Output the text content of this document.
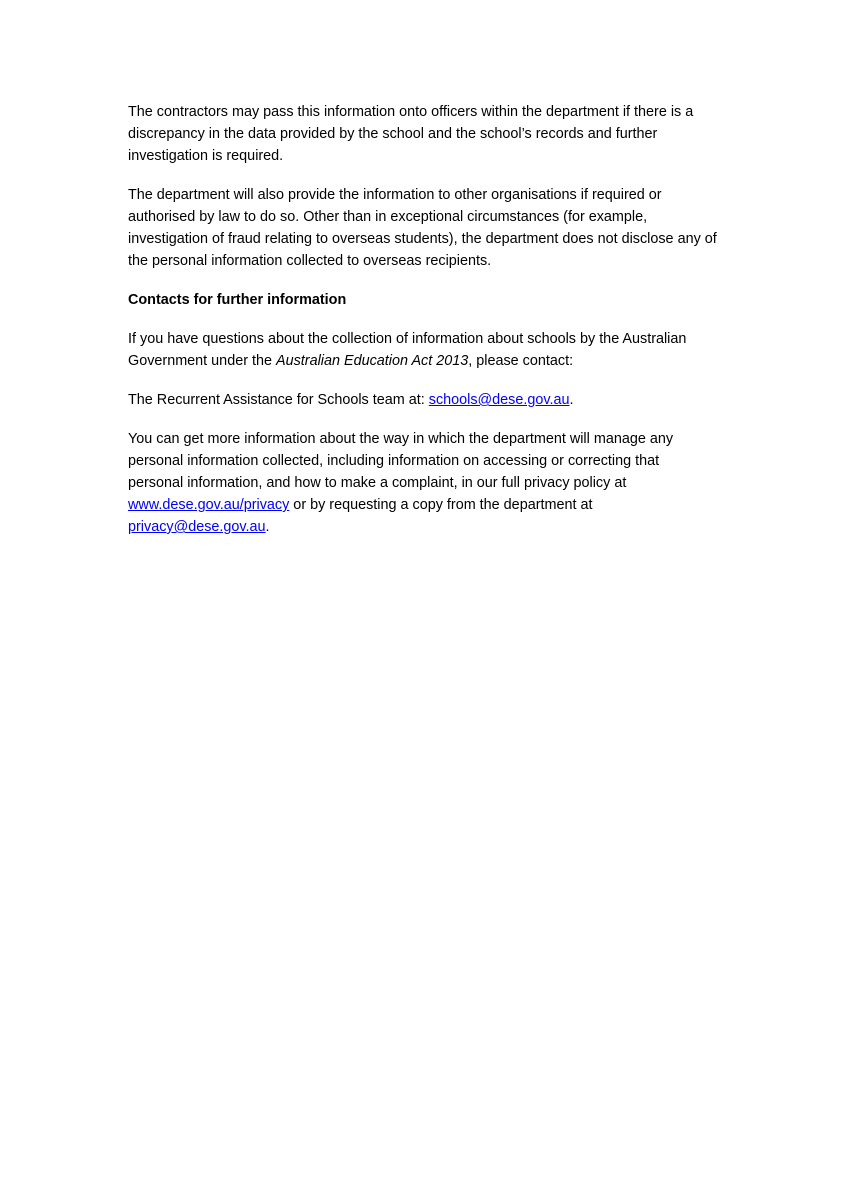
The contractors may pass this information onto officers within the department if there is a discrepancy in the data provided by the school and the school’s records and further investigation is required.

The department will also provide the information to other organisations if required or authorised by law to do so. Other than in exceptional circumstances (for example, investigation of fraud relating to overseas students), the department does not disclose any of the personal information collected to overseas recipients.

Contacts for further information

If you have questions about the collection of information about schools by the Australian Government under the Australian Education Act 2013, please contact:

The Recurrent Assistance for Schools team at: schools@dese.gov.au.

You can get more information about the way in which the department will manage any personal information collected, including information on accessing or correcting that personal information, and how to make a complaint, in our full privacy policy at www.dese.gov.au/privacy or by requesting a copy from the department at privacy@dese.gov.au.
